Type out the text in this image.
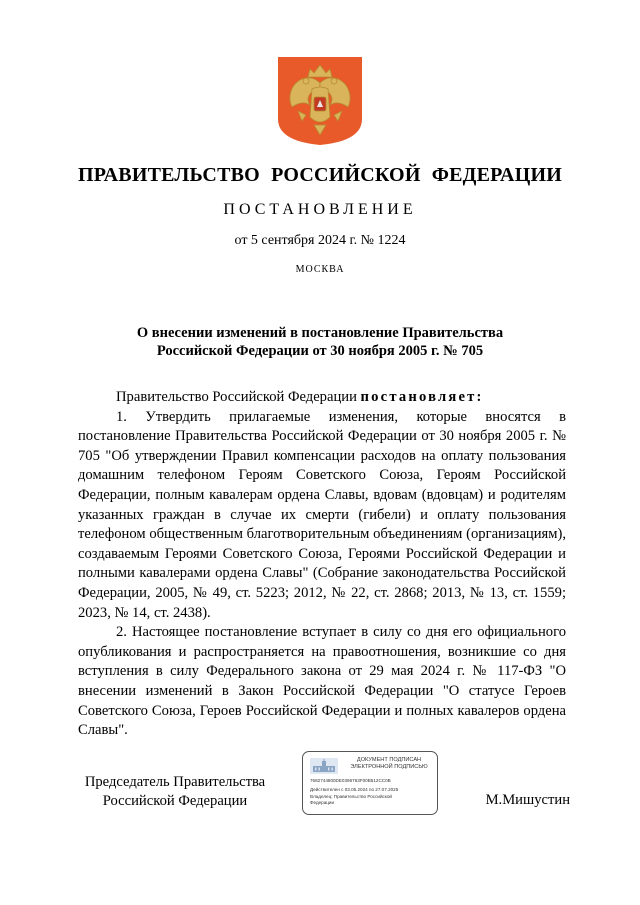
ПРАВИТЕЛЬСТВО РОССИЙСКОЙ ФЕДЕРАЦИИ
ПОСТАНОВЛЕНИЕ
от 5 сентября 2024 г. № 1224
МОСКВА
О внесении изменений в постановление Правительства
Российской Федерации от 30 ноября 2005 г. № 705

Правительство Российской Федерации постановляет:

1. Утвердить прилагаемые изменения, которые вносятся в постановление Правительства Российской Федерации от 30 ноября 2005 г. № 705 "Об утверждении Правил компенсации расходов на оплату пользования домашним телефоном Героям Советского Союза, Героям Российской Федерации, полным кавалерам ордена Славы, вдовам (вдовцам) и родителям указанных граждан в случае их смерти (гибели) и оплату пользования телефоном общественным благотворительным объединениям (организациям), создаваемым Героями Советского Союза, Героями Российской Федерации и полными кавалерами ордена Славы" (Собрание законодательства Российской Федерации, 2005, № 49, ст. 5223; 2012, № 22, ст. 2868; 2013, № 13, ст. 1559; 2023, № 14, ст. 2438).

2. Настоящее постановление вступает в силу со дня его официального опубликования и распространяется на правоотношения, возникшие со дня вступления в силу Федерального закона от 29 мая 2024 г. № 117-ФЗ "О внесении изменений в Закон Российской Федерации "О статусе Героев Советского Союза, Героев Российской Федерации и полных кавалеров ордена Славы".

Председатель Правительства
Российской Федерации
ДОКУМЕНТ ПОДПИСАН
ЭЛЕКТРОННОЙ ПОДПИСЬЮ
7682744800DE0396763F00B512CC0B
Действителен с 03.05.2024 по 27.07.2025
Владелец: Правительство Российской
Федерации	М.Мишустин
